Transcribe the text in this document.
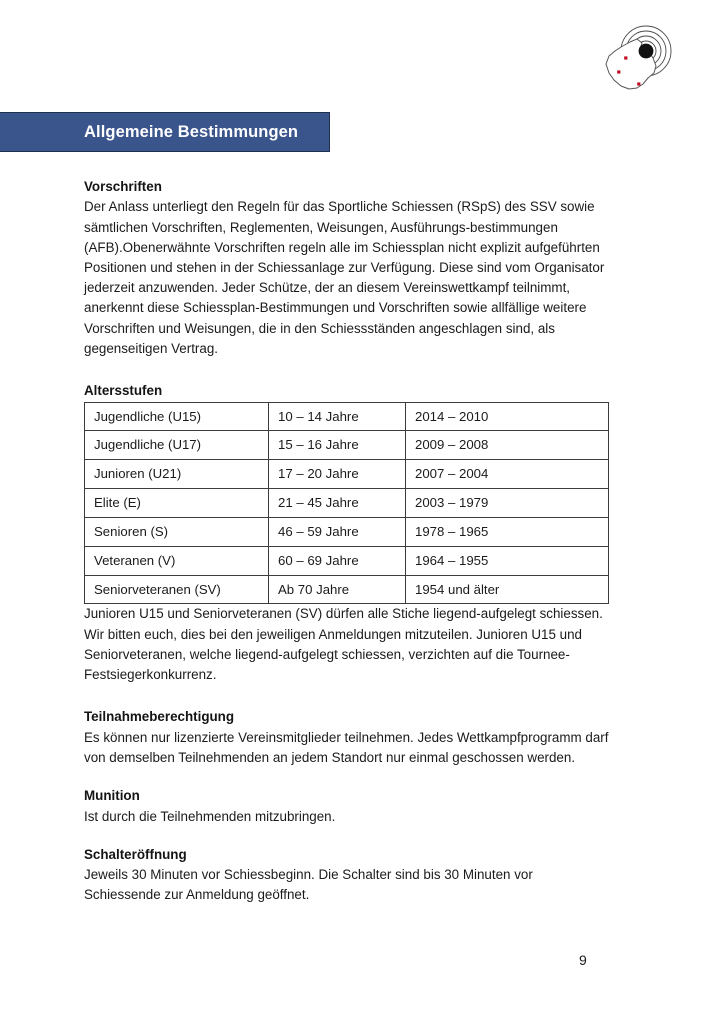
Allgemeine Bestimmungen
Vorschriften

Der Anlass unterliegt den Regeln für das Sportliche Schiessen (RSpS) des SSV sowie sämtlichen Vorschriften, Reglementen, Weisungen, Ausführungs-bestimmungen (AFB).Obenerwähnte Vorschriften regeln alle im Schiessplan nicht explizit aufgeführten Positionen und stehen in der Schiessanlage zur Verfügung. Diese sind vom Organisator jederzeit anzuwenden. Jeder Schütze, der an diesem Vereinswettkampf teilnimmt, anerkennt diese Schiessplan-Bestimmungen und Vorschriften sowie allfällige weitere Vorschriften und Weisungen, die in den Schiessständen angeschlagen sind, als gegenseitigen Vertrag.

Altersstufen
Jugendliche (U15)	10 – 14 Jahre	2014 – 2010
Jugendliche (U17)	15 – 16 Jahre	2009 – 2008
Junioren (U21)	17 – 20 Jahre	2007 – 2004
Elite (E)	21 – 45 Jahre	2003 – 1979
Senioren (S)	46 – 59 Jahre	1978 – 1965
Veteranen (V)	60 – 69 Jahre	1964 – 1955
Seniorveteranen (SV)	Ab 70 Jahre	1954 und älter

Junioren U15 und Seniorveteranen (SV) dürfen alle Stiche liegend-aufgelegt schiessen. Wir bitten euch, dies bei den jeweiligen Anmeldungen mitzuteilen. Junioren U15 und Seniorveteranen, welche liegend-aufgelegt schiessen, verzichten auf die Tournee-Festsiegerkonkurrenz.

Teilnahmeberechtigung

Es können nur lizenzierte Vereinsmitglieder teilnehmen. Jedes Wettkampfprogramm darf von demselben Teilnehmenden an jedem Standort nur einmal geschossen werden.

Munition

Ist durch die Teilnehmenden mitzubringen.

Schalteröffnung

Jeweils 30 Minuten vor Schiessbeginn. Die Schalter sind bis 30 Minuten vor Schiessende zur Anmeldung geöffnet.

9
